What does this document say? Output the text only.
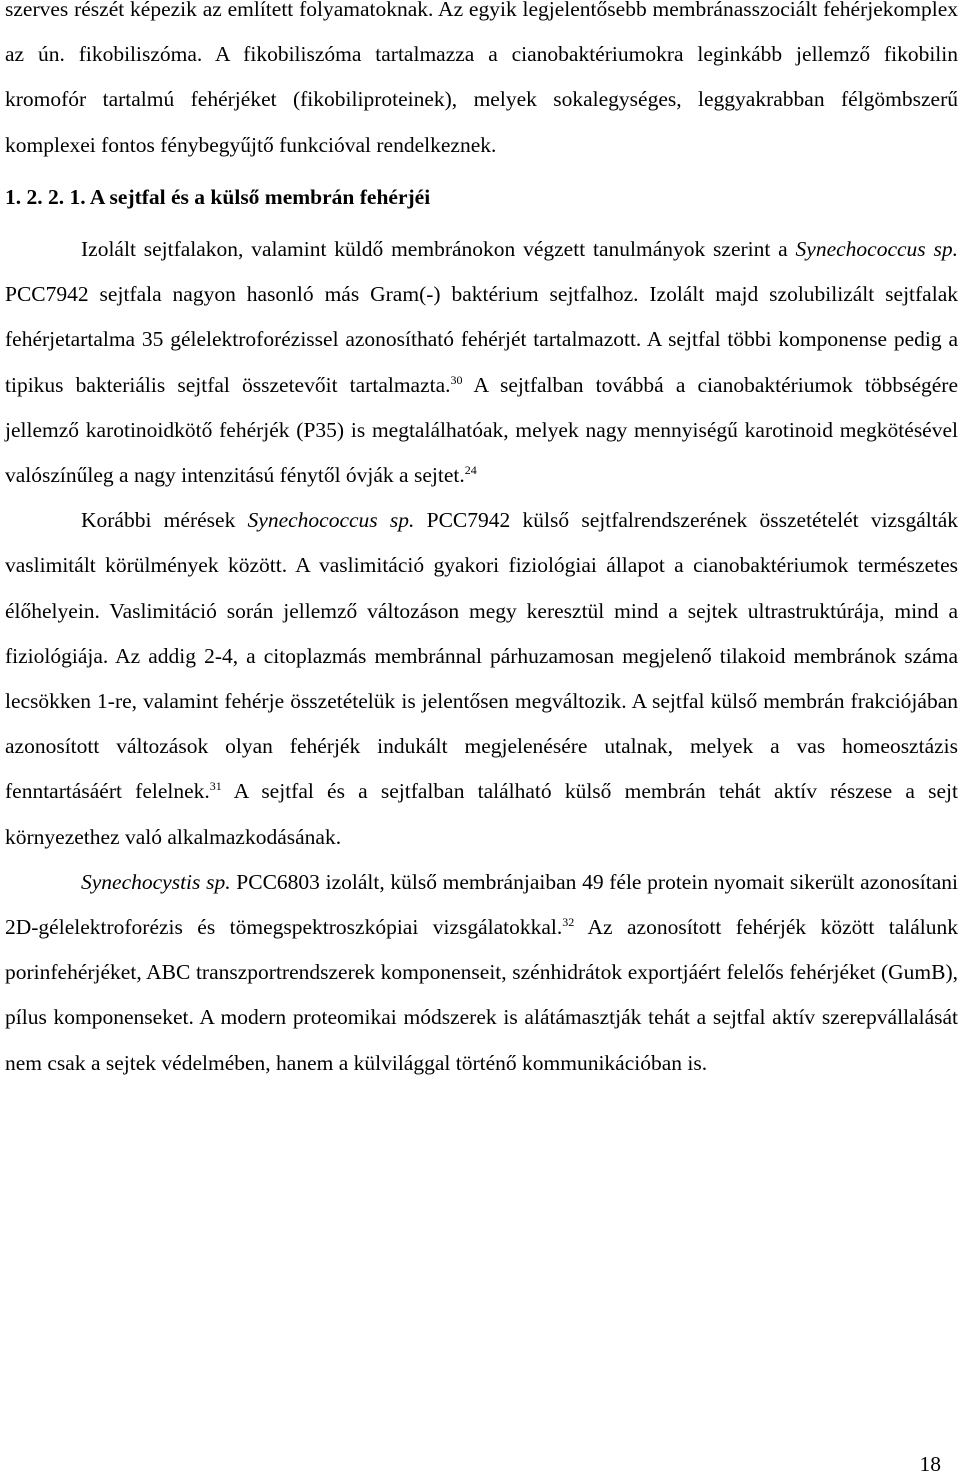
szerves részét képezik az említett folyamatoknak. Az egyik legjelentősebb membránasszociált fehérjekomplex az ún. fikobiliszóma. A fikobiliszóma tartalmazza a cianobaktériumokra leginkább jellemző fikobilin kromofór tartalmú fehérjéket (fikobiliproteinek), melyek sokalegységes, leggyakrabban félgömbszerű komplexei fontos fénybegyűjtő funkcióval rendelkeznek.

1. 2. 2. 1. A sejtfal és a külső membrán fehérjéi

Izolált sejtfalakon, valamint küldő membránokon végzett tanulmányok szerint a Synechococcus sp. PCC7942 sejtfala nagyon hasonló más Gram(-) baktérium sejtfalhoz. Izolált majd szolubilizált sejtfalak fehérjetartalma 35 gélelektroforézissel azonosítható fehérjét tartalmazott. A sejtfal többi komponense pedig a tipikus bakteriális sejtfal összetevőit tartalmazta.$^{30}$ A sejtfalban továbbá a cianobaktériumok többségére jellemző karotinoidkötő fehérjék (P35) is megtalálhatóak, melyek nagy mennyiségű karotinoid megkötésével valószínűleg a nagy intenzitású fénytől óvják a sejtet.$^{24}$

Korábbi mérések Synechococcus sp. PCC7942 külső sejtfalrendszerének összetételét vizsgálták vaslimitált körülmények között. A vaslimitáció gyakori fiziológiai állapot a cianobaktériumok természetes élőhelyein. Vaslimitáció során jellemző változáson megy keresztül mind a sejtek ultrastruktúrája, mind a fiziológiája. Az addig 2-4, a citoplazmás membránnal párhuzamosan megjelenő tilakoid membránok száma lecsökken 1-re, valamint fehérje összetételük is jelentősen megváltozik. A sejtfal külső membrán frakciójában azonosított változások olyan fehérjék indukált megjelenésére utalnak, melyek a vas homeosztázis fenntartásáért felelnek.$^{31}$ A sejtfal és a sejtfalban található külső membrán tehát aktív részese a sejt környezethez való alkalmazkodásának.

Synechocystis sp. PCC6803 izolált, külső membránjaiban 49 féle protein nyomait sikerült azonosítani 2D-gélelektroforézis és tömegspektroszkópiai vizsgálatokkal.$^{32}$ Az azonosított fehérjék között találunk porinfehérjéket, ABC transzportrendszerek komponenseit, szénhidrátok exportjáért felelős fehérjéket (GumB), pílus komponenseket. A modern proteomikai módszerek is alátámasztják tehát a sejtfal aktív szerepvállalását nem csak a sejtek védelmében, hanem a külvilággal történő kommunikációban is.

18
